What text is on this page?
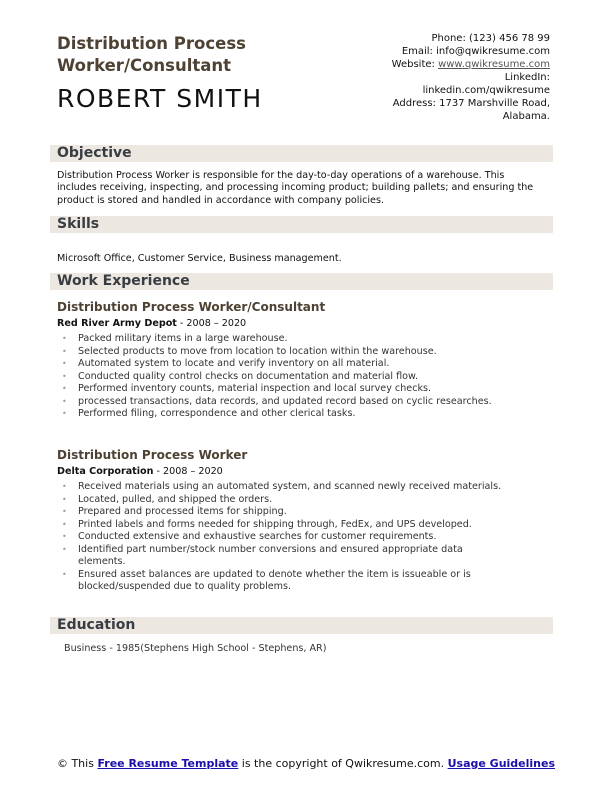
Distribution Process Worker/Consultant
ROBERT SMITH
Phone: (123) 456 78 99
Email: info@qwikresume.com
Website: www.qwikresume.com
LinkedIn:
linkedin.com/qwikresume
Address: 1737 Marshville Road, Alabama.
Objective
Distribution Process Worker is responsible for the day-to-day operations of a warehouse. This includes receiving, inspecting, and processing incoming product; building pallets; and ensuring the product is stored and handled in accordance with company policies.
Skills
Microsoft Office, Customer Service, Business management.
Work Experience
Distribution Process Worker/Consultant
Red River Army Depot - 2008 – 2020
• Packed military items in a large warehouse.
• Selected products to move from location to location within the warehouse.
• Automated system to locate and verify inventory on all material.
• Conducted quality control checks on documentation and material flow.
• Performed inventory counts, material inspection and local survey checks.
• processed transactions, data records, and updated record based on cyclic researches.
• Performed filing, correspondence and other clerical tasks.
Distribution Process Worker
Delta Corporation - 2008 – 2020
• Received materials using an automated system, and scanned newly received materials.
• Located, pulled, and shipped the orders.
• Prepared and processed items for shipping.
• Printed labels and forms needed for shipping through, FedEx, and UPS developed.
• Conducted extensive and exhaustive searches for customer requirements.
• Identified part number/stock number conversions and ensured appropriate data elements.
• Ensured asset balances are updated to denote whether the item is issueable or is blocked/suspended due to quality problems.
Education
Business - 1985(Stephens High School - Stephens, AR)
© This Free Resume Template is the copyright of Qwikresume.com. Usage Guidelines
